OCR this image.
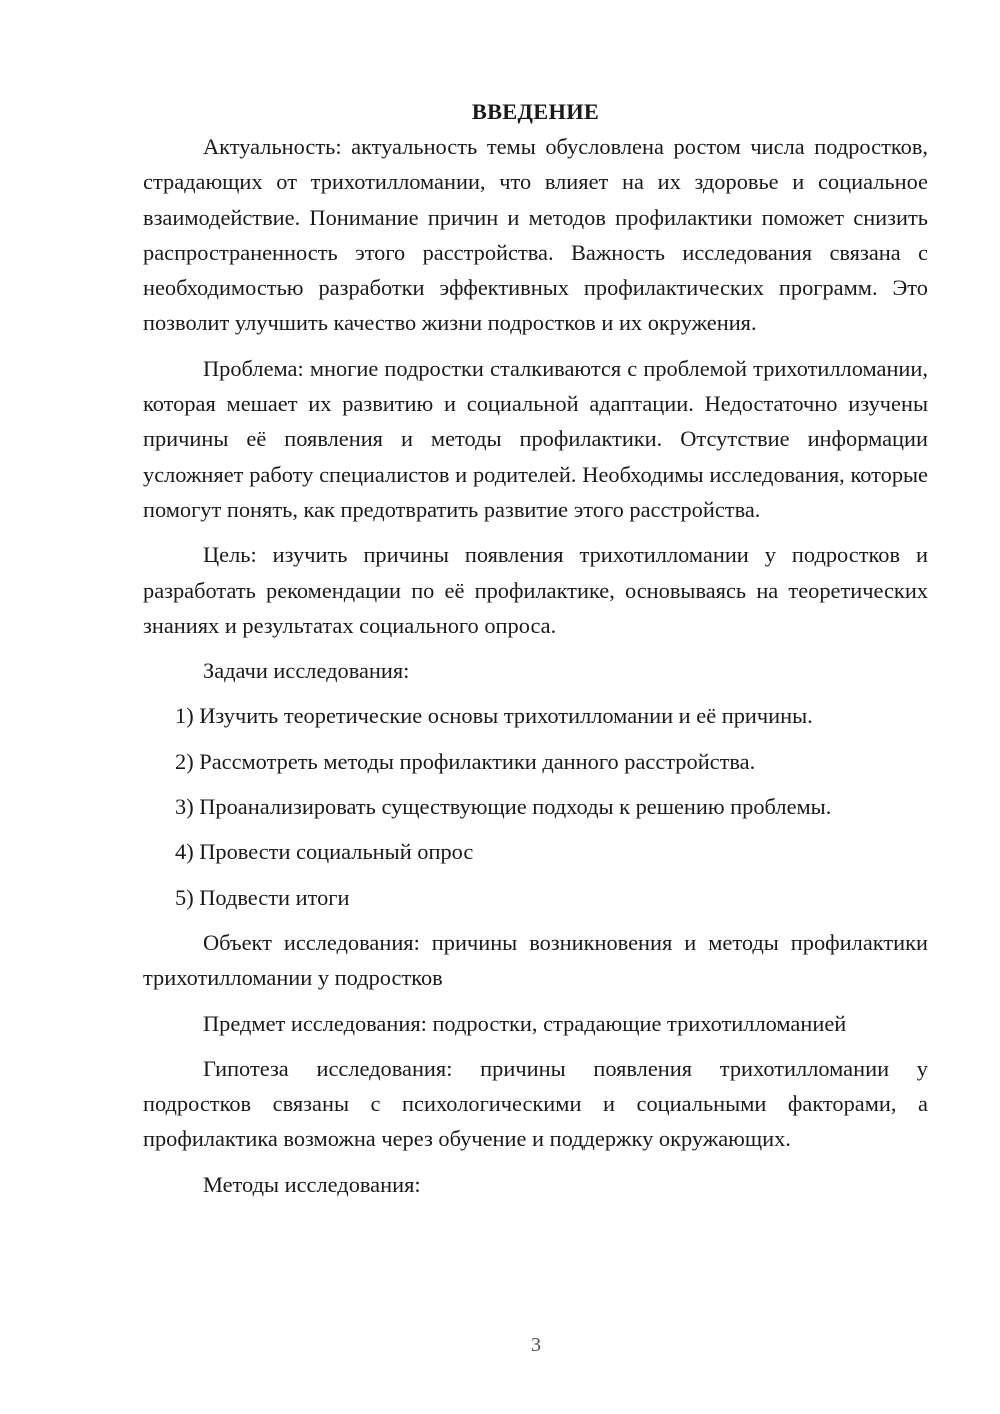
ВВЕДЕНИЕ

Актуальность: актуальность темы обусловлена ростом числа подростков, страдающих от трихотилломании, что влияет на их здоровье и социальное взаимодействие. Понимание причин и методов профилактики поможет снизить распространенность этого расстройства. Важность исследования связана с необходимостью разработки эффективных профилактических программ. Это позволит улучшить качество жизни подростков и их окружения.

Проблема: многие подростки сталкиваются с проблемой трихотилломании, которая мешает их развитию и социальной адаптации. Недостаточно изучены причины её появления и методы профилактики. Отсутствие информации усложняет работу специалистов и родителей. Необходимы исследования, которые помогут понять, как предотвратить развитие этого расстройства.

Цель: изучить причины появления трихотилломании у подростков и разработать рекомендации по её профилактике, основываясь на теоретических знаниях и результатах социального опроса.

Задачи исследования:

1) Изучить теоретические основы трихотилломании и её причины.
2) Рассмотреть методы профилактики данного расстройства.
3) Проанализировать существующие подходы к решению проблемы.
4) Провести социальный опрос
5) Подвести итоги

Объект исследования: причины возникновения и методы профилактики трихотилломании у подростков

Предмет исследования: подростки, страдающие трихотилломанией

Гипотеза исследования: причины появления трихотилломании у подростков связаны с психологическими и социальными факторами, а профилактика возможна через обучение и поддержку окружающих.

Методы исследования:

3
